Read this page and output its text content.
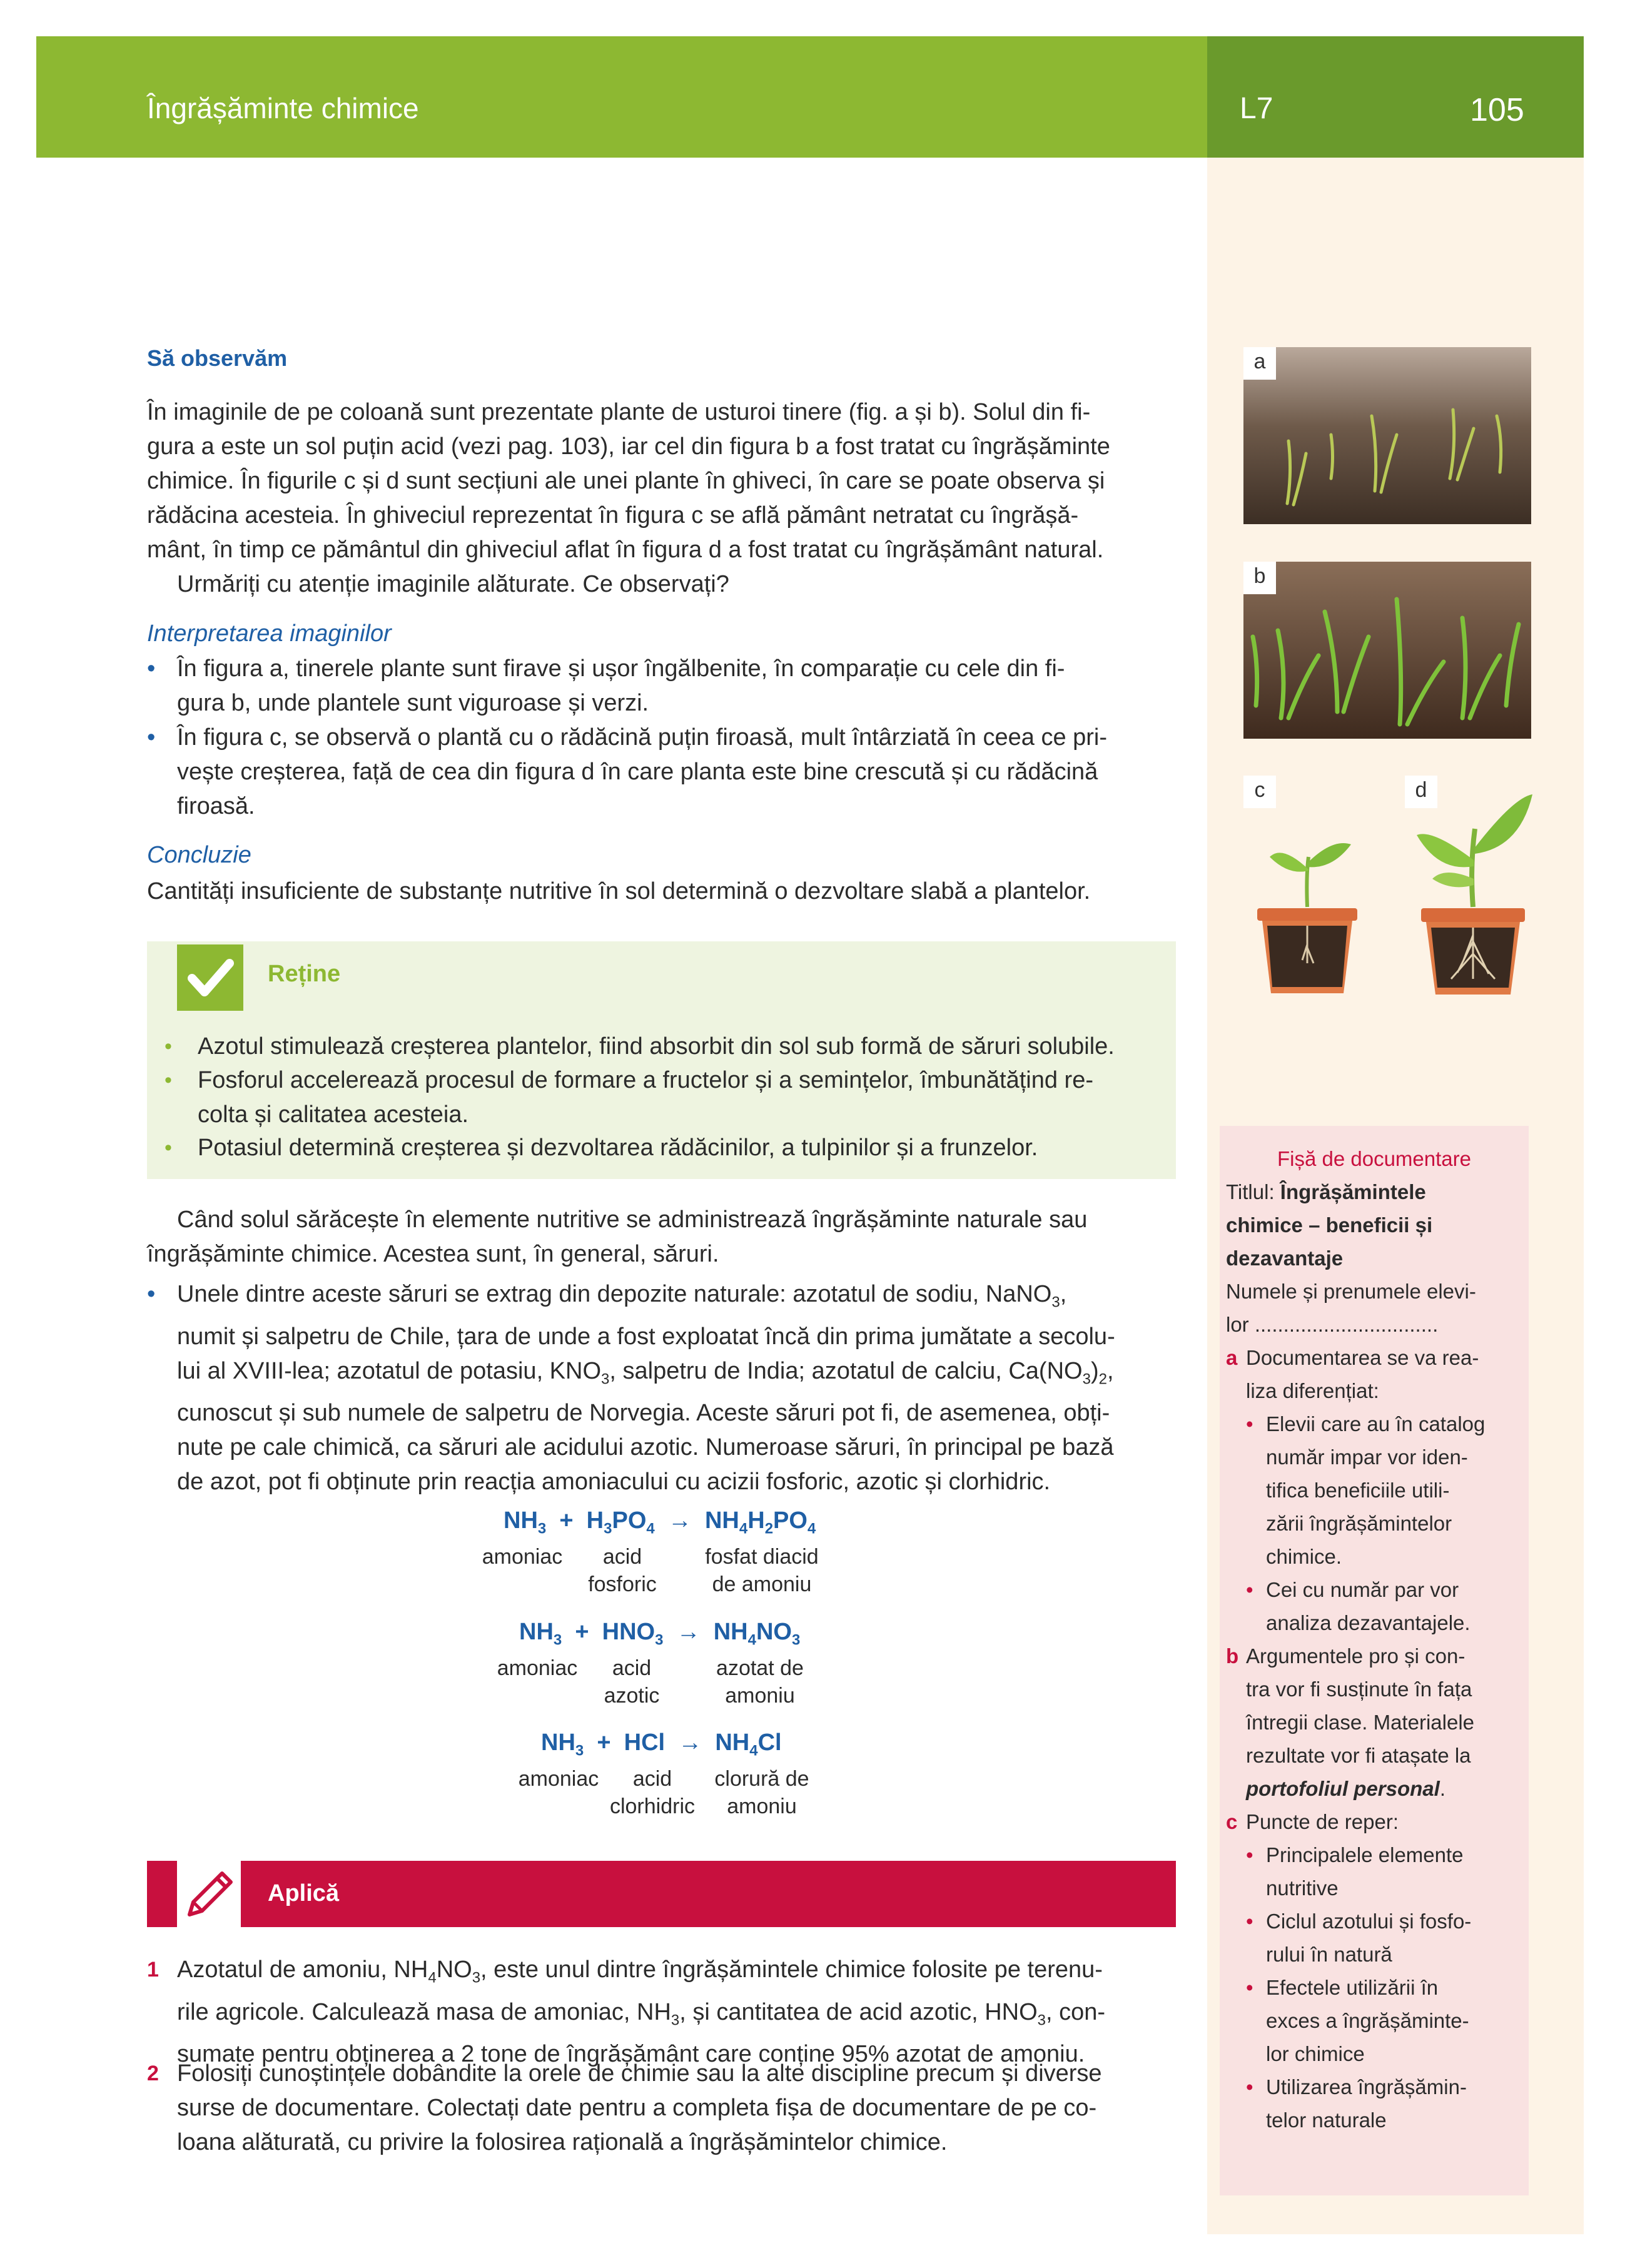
Îngrășăminte chimice	L7	105
Să observăm
În imaginile de pe coloană sunt prezentate plante de usturoi tinere (fig. a și b). Solul din fi-
gura a este un sol puțin acid (vezi pag. 103), iar cel din figura b a fost tratat cu îngrășăminte
chimice. În figurile c și d sunt secțiuni ale unei plante în ghiveci, în care se poate observa și
rădăcina acesteia. În ghiveciul reprezentat în figura c se află pământ netratat cu îngrășă-
mânt, în timp ce pământul din ghiveciul aflat în figura d a fost tratat cu îngrășământ natural.
Urmăriți cu atenție imaginile alăturate. Ce observați?
Interpretarea imaginilor
• În figura a, tinerele plante sunt firave și ușor îngălbenite, în comparație cu cele din fi-
gura b, unde plantele sunt viguroase și verzi.
• În figura c, se observă o plantă cu o rădăcină puțin firoasă, mult întârziată în ceea ce pri-
vește creșterea, față de cea din figura d în care planta este bine crescută și cu rădăcină
firoasă.
Concluzie
Cantități insuficiente de substanțe nutritive în sol determină o dezvoltare slabă a plantelor.
Reține
• Azotul stimulează creșterea plantelor, fiind absorbit din sol sub formă de săruri solubile.
• Fosforul accelerează procesul de formare a fructelor și a semințelor, îmbunătățind re-
colta și calitatea acesteia.
• Potasiul determină creșterea și dezvoltarea rădăcinilor, a tulpinilor și a frunzelor.
Când solul sărăcește în elemente nutritive se administrează îngrășăminte naturale sau
îngrășăminte chimice. Acestea sunt, în general, săruri.
• Unele dintre aceste săruri se extrag din depozite naturale: azotatul de sodiu, NaNO$_3$,
numit și salpetru de Chile, țara de unde a fost exploatat încă din prima jumătate a secolu-
lui al XVIII-lea; azotatul de potasiu, $KNO_3$, salpetru de India; azotatul de calciu, $Ca(NO_3)_2$,
cunoscut și sub numele de salpetru de Norvegia. Aceste săruri pot fi, de asemenea, obți-
nute pe cale chimică, ca săruri ale acidului azotic. Numeroase săruri, în principal pe bază
de azot, pot fi obținute prin reacția amoniacului cu acizii fosforic, azotic și clorhidric.
$NH_3 + H_3PO_4 \to NH_4H_2PO_4$
amoniac	acid
fosforic
fosfat diacid
de amoniu
$NH_3 + HNO_3 \to NH_4NO_3$
amoniac	acid
azotic
azotat de
amoniu
$NH_3$  +  HCl  →  $NH_4Cl$
amoniac	acid
clorhidric
clorură de
amoniu
Aplică
1 Azotatul de amoniu, $NH_4NO_3$, este unul dintre îngrășămintele chimice folosite pe terenu-
rile agricole. Calculează masa de amoniac, $NH_3$, și cantitatea de acid azotic, $HNO_3$, con-
sumate pentru obținerea a 2 tone de îngrășământ care conține 95% azotat de amoniu.
2 Folosiți cunoștințele dobândite la orele de chimie sau la alte discipline precum și diverse
surse de documentare. Colectați date pentru a completa fișa de documentare de pe co-
loana alăturată, cu privire la folosirea rațională a îngrășămintelor chimice.
a
b
c	d
Fișă de documentare
Titlul: Îngrășămintele
chimice – beneficii și
dezavantaje
Numele și prenumele elevi-
lor ................................
a Documentarea se va rea-
liza diferențiat:
• Elevii care au în catalog
număr impar vor iden-
tifica beneficiile utili-
zării îngrășămintelor
chimice.
• Cei cu număr par vor
analiza dezavantajele.
b Argumentele pro și con-
tra vor fi susținute în fața
întregii clase. Materialele
rezultate vor fi atașate la
portofoliul personal.
c Puncte de reper:
• Principalele elemente
nutritive
• Ciclul azotului și fosfo-
rului în natură
• Efectele utilizării în
exces a îngrășăminte-
lor chimice
• Utilizarea îngrășămin-
telor naturale
